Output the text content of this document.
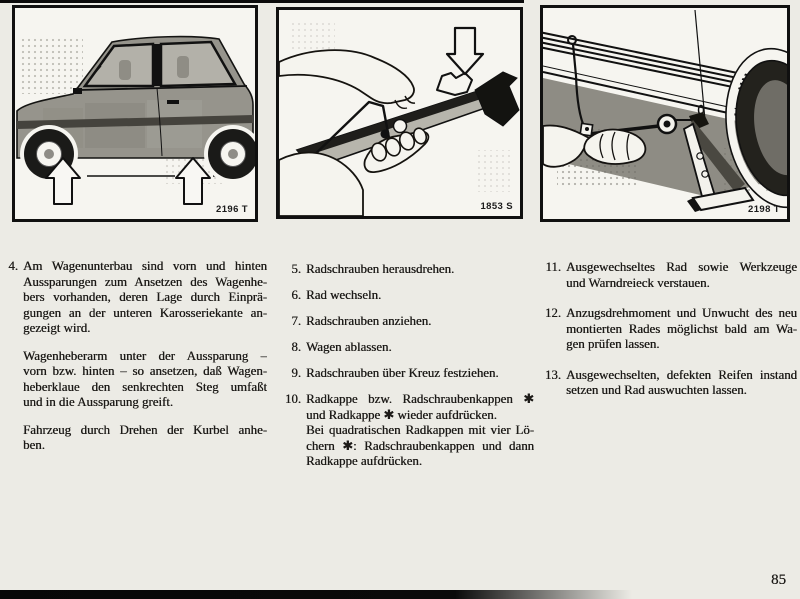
2196 T	1853 S	2198 T
4. Am Wagenunterbau sind vorn und hinten
Aussparungen zum Ansetzen des Wagenhe-
bers vorhanden, deren Lage durch Einprä-
gungen an der unteren Karosseriekante an-
gezeigt wird.
Wagenheberarm unter der Aussparung –
vorn bzw. hinten – so ansetzen, daß Wagen-
heberklaue den senkrechten Steg umfaßt
und in die Aussparung greift.
Fahrzeug durch Drehen der Kurbel anhe-
ben.
5. Radschrauben herausdrehen.
6. Rad wechseln.
7. Radschrauben anziehen.
8. Wagen ablassen.
9. Radschrauben über Kreuz festziehen.
10. Radkappe bzw. Radschraubenkappen ✱
und Radkappe ✱ wieder aufdrücken.
Bei quadratischen Radkappen mit vier Lö-
chern ✱: Radschraubenkappen und dann
Radkappe aufdrücken.
11. Ausgewechseltes Rad sowie Werkzeuge
und Warndreieck verstauen.
12. Anzugsdrehmoment und Unwucht des neu
montierten Rades möglichst bald am Wa-
gen prüfen lassen.
13. Ausgewechselten, defekten Reifen instand
setzen und Rad auswuchten lassen.
85
